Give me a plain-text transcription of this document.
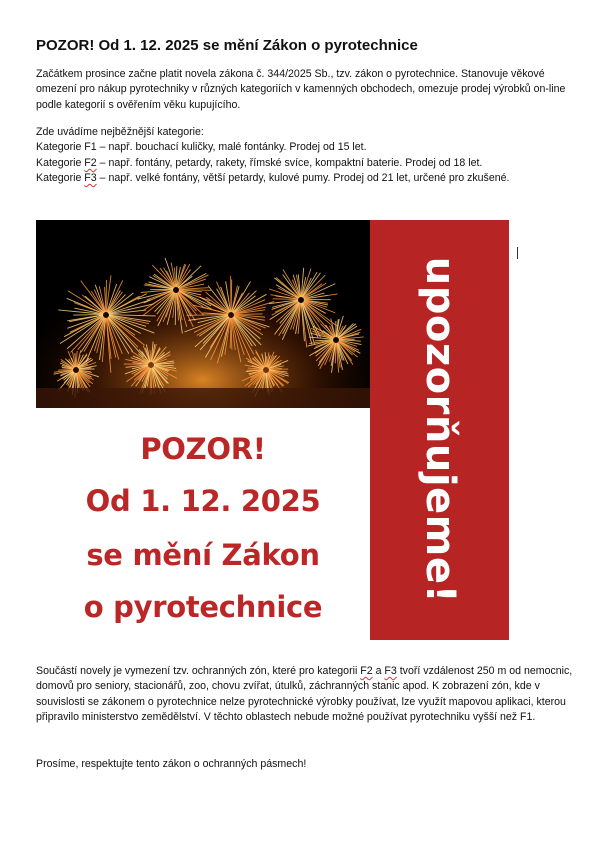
POZOR! Od 1. 12. 2025 se mění Zákon o pyrotechnice

Začátkem prosince začne platit novela zákona č. 344/2025 Sb., tzv. zákon o pyrotechnice. Stanovuje věkové omezení pro nákup pyrotechniky v různých kategoriích v kamenných obchodech, omezuje prodej výrobků on-line podle kategorií s ověřením věku kupujícího.

Zde uvádíme nejběžnější kategorie:
Kategorie F1 – např. bouchací kuličky, malé fontánky. Prodej od 15 let.
Kategorie F2 – např. fontány, petardy, rakety, římské svíce, kompaktní baterie. Prodej od 18 let.
Kategorie F3 – např. velké fontány, větší petardy, kulové pumy. Prodej od 21 let, určené pro zkušené.
POZOR!
Od 1. 12. 2025
se mění Zákon
o pyrotechnice
upozorňujeme!

Součástí novely je vymezení tzv. ochranných zón, které pro kategorii F2 a F3 tvoří vzdálenost 250 m od nemocnic, domovů pro seniory, stacionářů, zoo, chovu zvířat, útulků, záchranných stanic apod. K zobrazení zón, kde v souvislosti se zákonem o pyrotechnice nelze pyrotechnické výrobky používat, lze využít mapovou aplikaci, kterou připravilo ministerstvo zemědělství. V těchto oblastech nebude možné používat pyrotechniku vyšší než F1.

Prosíme, respektujte tento zákon o ochranných pásmech!
